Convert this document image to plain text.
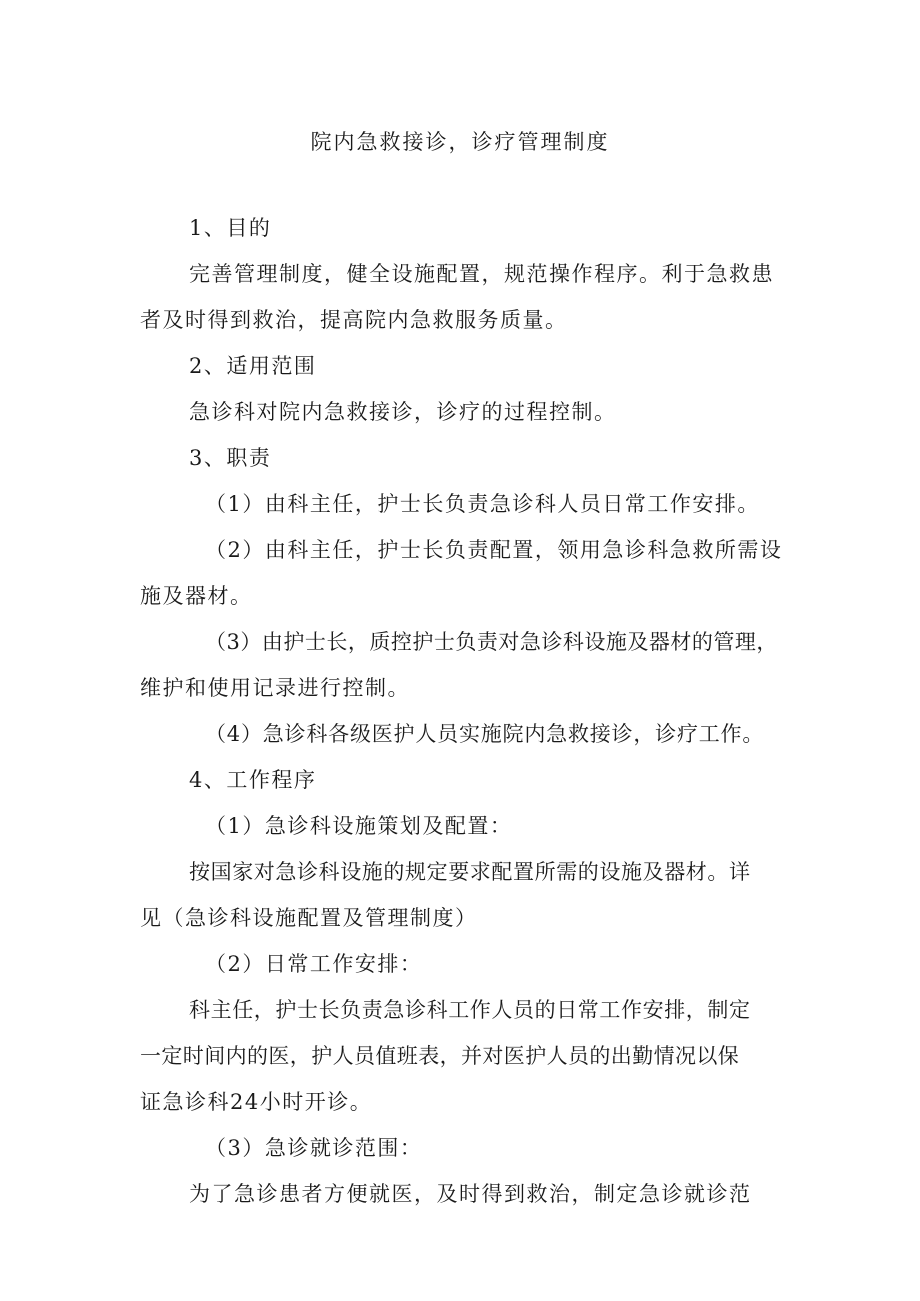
院内急救接诊，诊疗管理制度
1、目的
完善管理制度，健全设施配置，规范操作程序。利于急救患
者及时得到救治，提高院内急救服务质量。
2、适用范围
急诊科对院内急救接诊，诊疗的过程控制。
3、职责
（1）由科主任，护士长负责急诊科人员日常工作安排。
（2）由科主任，护士长负责配置，领用急诊科急救所需设
施及器材。
（3）由护士长，质控护士负责对急诊科设施及器材的管理，
维护和使用记录进行控制。
（4）急诊科各级医护人员实施院内急救接诊，诊疗工作。
4、工作程序
（1）急诊科设施策划及配置：
按国家对急诊科设施的规定要求配置所需的设施及器材。详
见（急诊科设施配置及管理制度）
（2）日常工作安排：
科主任，护士长负责急诊科工作人员的日常工作安排，制定
一定时间内的医，护人员值班表，并对医护人员的出勤情况以保
证急诊科24小时开诊。
（3）急诊就诊范围：
为了急诊患者方便就医，及时得到救治，制定急诊就诊范
